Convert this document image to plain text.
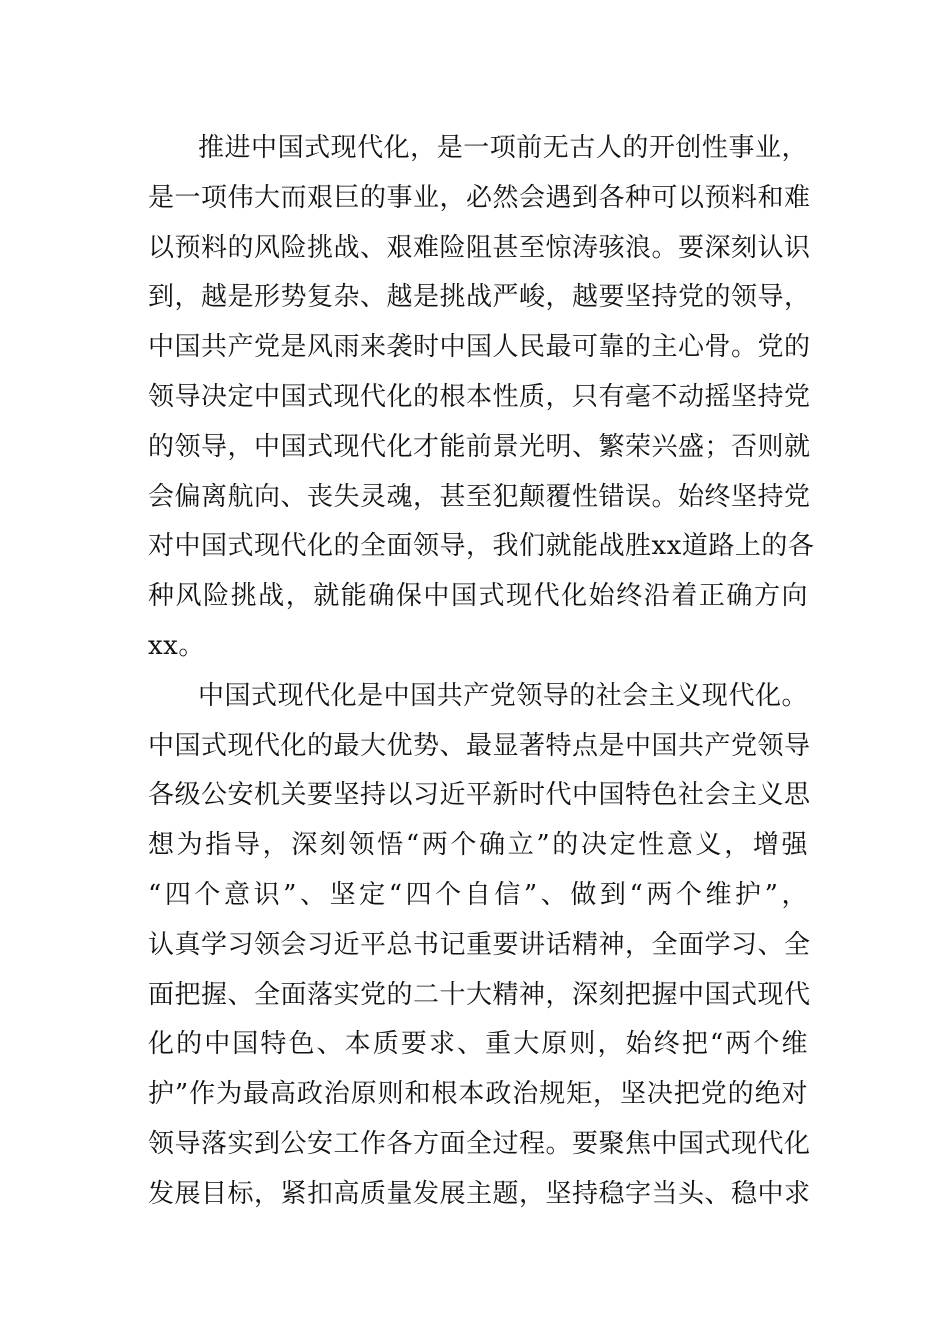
推进中国式现代化，是一项前无古人的开创性事业，
是一项伟大而艰巨的事业，必然会遇到各种可以预料和难
以预料的风险挑战、艰难险阻甚至惊涛骇浪。要深刻认识
到，越是形势复杂、越是挑战严峻，越要坚持党的领导，
中国共产党是风雨来袭时中国人民最可靠的主心骨。党的
领导决定中国式现代化的根本性质，只有毫不动摇坚持党
的领导，中国式现代化才能前景光明、繁荣兴盛；否则就
会偏离航向、丧失灵魂，甚至犯颠覆性错误。始终坚持党
对中国式现代化的全面领导，我们就能战胜xx道路上的各
种风险挑战，就能确保中国式现代化始终沿着正确方向
xx。
中国式现代化是中国共产党领导的社会主义现代化。
中国式现代化的最大优势、最显著特点是中国共产党领导
各级公安机关要坚持以习近平新时代中国特色社会主义思
想为指导，深刻领悟“两个确立”的决定性意义，增强
“四个意识”、坚定“四个自信”、做到“两个维护”，
认真学习领会习近平总书记重要讲话精神，全面学习、全
面把握、全面落实党的二十大精神，深刻把握中国式现代
化的中国特色、本质要求、重大原则，始终把“两个维
护”作为最高政治原则和根本政治规矩，坚决把党的绝对
领导落实到公安工作各方面全过程。要聚焦中国式现代化
发展目标，紧扣高质量发展主题，坚持稳字当头、稳中求
